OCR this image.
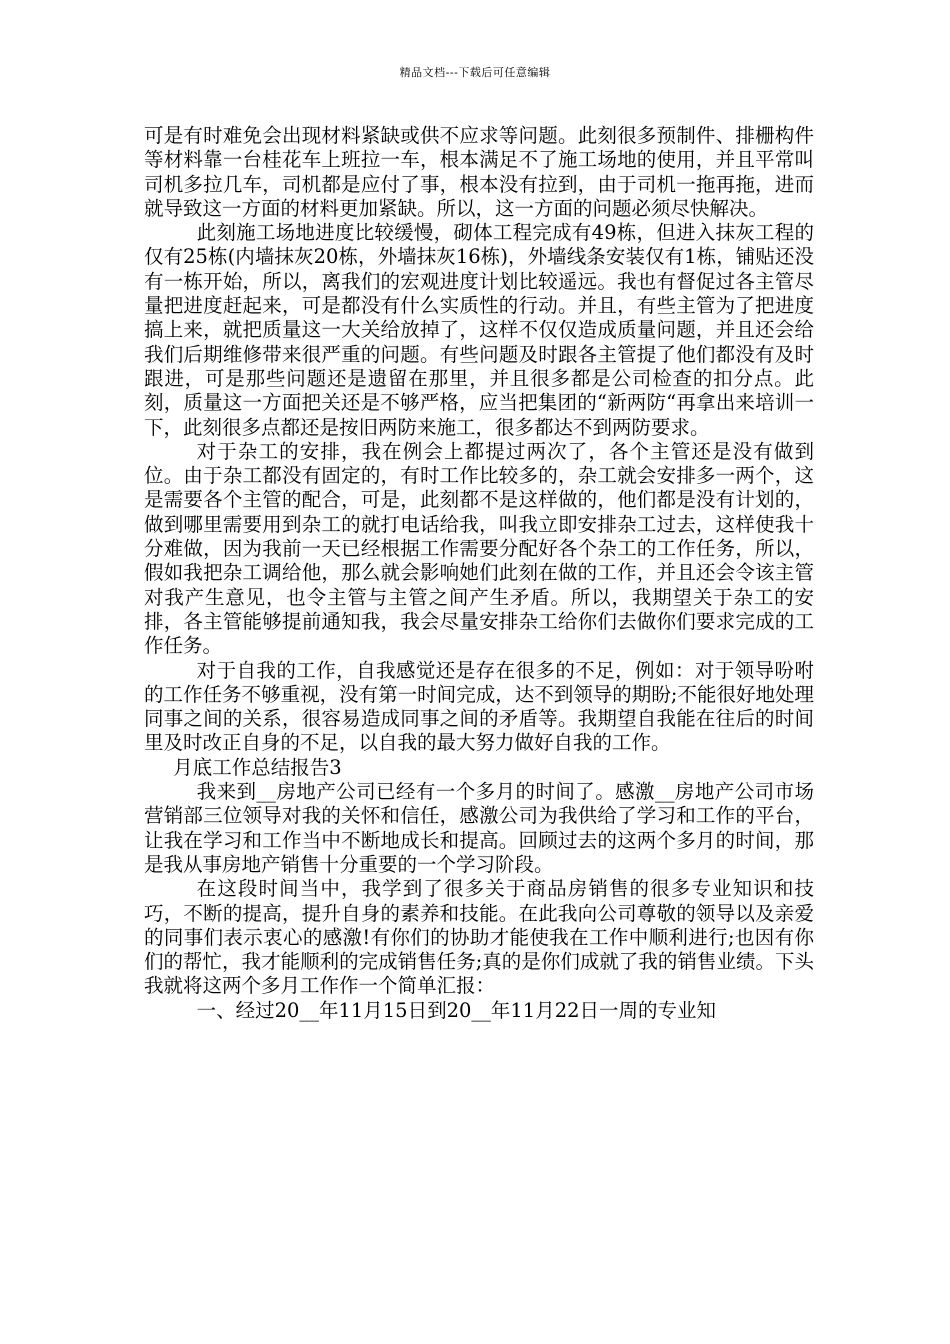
精品文档---下载后可任意编辑

可是有时难免会出现材料紧缺或供不应求等问题。此刻很多预制件、排栅构件等材料靠一台桂花车上班拉一车，根本满足不了施工场地的使用，并且平常叫司机多拉几车，司机都是应付了事，根本没有拉到，由于司机一拖再拖，进而就导致这一方面的材料更加紧缺。所以，这一方面的问题必须尽快解决。

此刻施工场地进度比较缓慢，砌体工程完成有49栋，但进入抹灰工程的仅有25栋(内墙抹灰20栋，外墙抹灰16栋)，外墙线条安装仅有1栋，铺贴还没有一栋开始，所以，离我们的宏观进度计划比较遥远。我也有督促过各主管尽量把进度赶起来，可是都没有什么实质性的行动。并且，有些主管为了把进度搞上来，就把质量这一大关给放掉了，这样不仅仅造成质量问题，并且还会给我们后期维修带来很严重的问题。有些问题及时跟各主管提了他们都没有及时跟进，可是那些问题还是遗留在那里，并且很多都是公司检查的扣分点。此刻，质量这一方面把关还是不够严格，应当把集团的“新两防“再拿出来培训一下，此刻很多点都还是按旧两防来施工，很多都达不到两防要求。

对于杂工的安排，我在例会上都提过两次了，各个主管还是没有做到位。由于杂工都没有固定的，有时工作比较多的，杂工就会安排多一两个，这是需要各个主管的配合，可是，此刻都不是这样做的，他们都是没有计划的，做到哪里需要用到杂工的就打电话给我，叫我立即安排杂工过去，这样使我十分难做，因为我前一天已经根据工作需要分配好各个杂工的工作任务，所以，假如我把杂工调给他，那么就会影响她们此刻在做的工作，并且还会令该主管对我产生意见，也令主管与主管之间产生矛盾。所以，我期望关于杂工的安排，各主管能够提前通知我，我会尽量安排杂工给你们去做你们要求完成的工作任务。

对于自我的工作，自我感觉还是存在很多的不足，例如：对于领导吩咐的工作任务不够重视，没有第一时间完成，达不到领导的期盼;不能很好地处理同事之间的关系，很容易造成同事之间的矛盾等。我期望自我能在往后的时间里及时改正自身的不足，以自我的最大努力做好自我的工作。

月底工作总结报告3

我来到__房地产公司已经有一个多月的时间了。感激__房地产公司市场营销部三位领导对我的关怀和信任，感激公司为我供给了学习和工作的平台，让我在学习和工作当中不断地成长和提高。回顾过去的这两个多月的时间，那是我从事房地产销售十分重要的一个学习阶段。

在这段时间当中，我学到了很多关于商品房销售的很多专业知识和技巧，不断的提高，提升自身的素养和技能。在此我向公司尊敬的领导以及亲爱的同事们表示衷心的感激!有你们的协助才能使我在工作中顺利进行;也因有你们的帮忙，我才能顺利的完成销售任务;真的是你们成就了我的销售业绩。下头我就将这两个多月工作作一个简单汇报：

一、经过20__年11月15日到20__年11月22日一周的专业知
